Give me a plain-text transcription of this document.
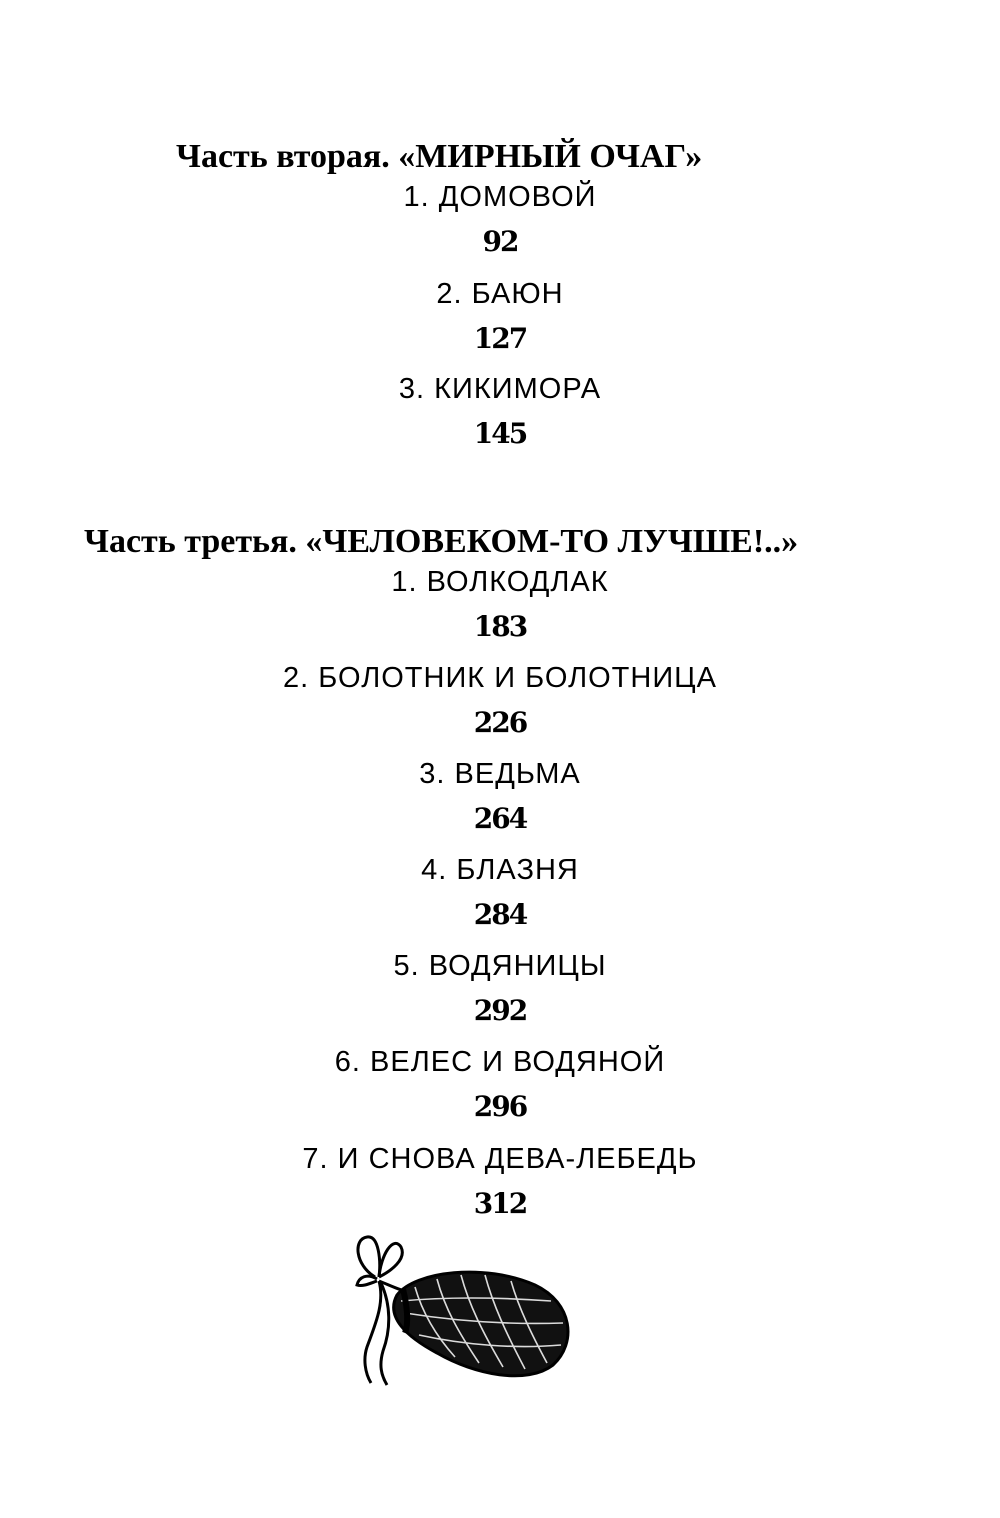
Часть вторая. «МИРНЫЙ ОЧАГ»
1. ДОМОВОЙ
92
2. БАЮН
127
3. КИКИМОРА
145
Часть третья. «ЧЕЛОВЕКОМ-ТО ЛУЧШЕ!..»
1. ВОЛКОДЛАК
183
2. БОЛОТНИК И БОЛОТНИЦА
226
3. ВЕДЬМА
264
4. БЛАЗНЯ
284
5. ВОДЯНИЦЫ
292
6. ВЕЛЕС И ВОДЯНОЙ
296
7. И СНОВА ДЕВА-ЛЕБЕДЬ
312
